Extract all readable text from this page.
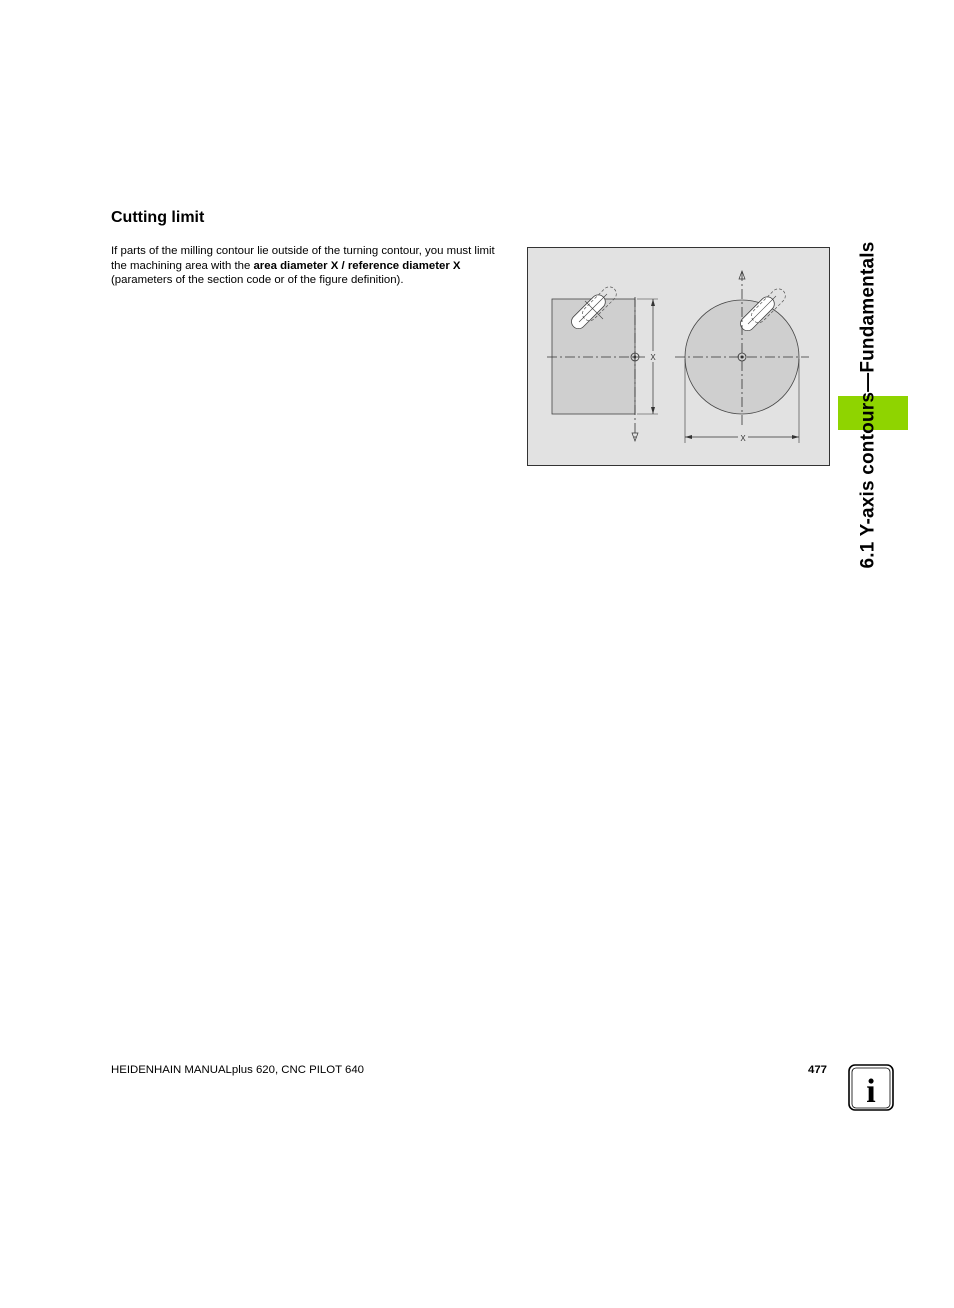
Cutting limit

If parts of the milling contour lie outside of the turning contour, you must limit the machining area with the area diameter X / reference diameter X (parameters of the section code or of the figure definition).

X
X	6.1 Y-axis contours—Fundamentals
HEIDENHAIN MANUALplus 620, CNC PILOT 640	477
i
